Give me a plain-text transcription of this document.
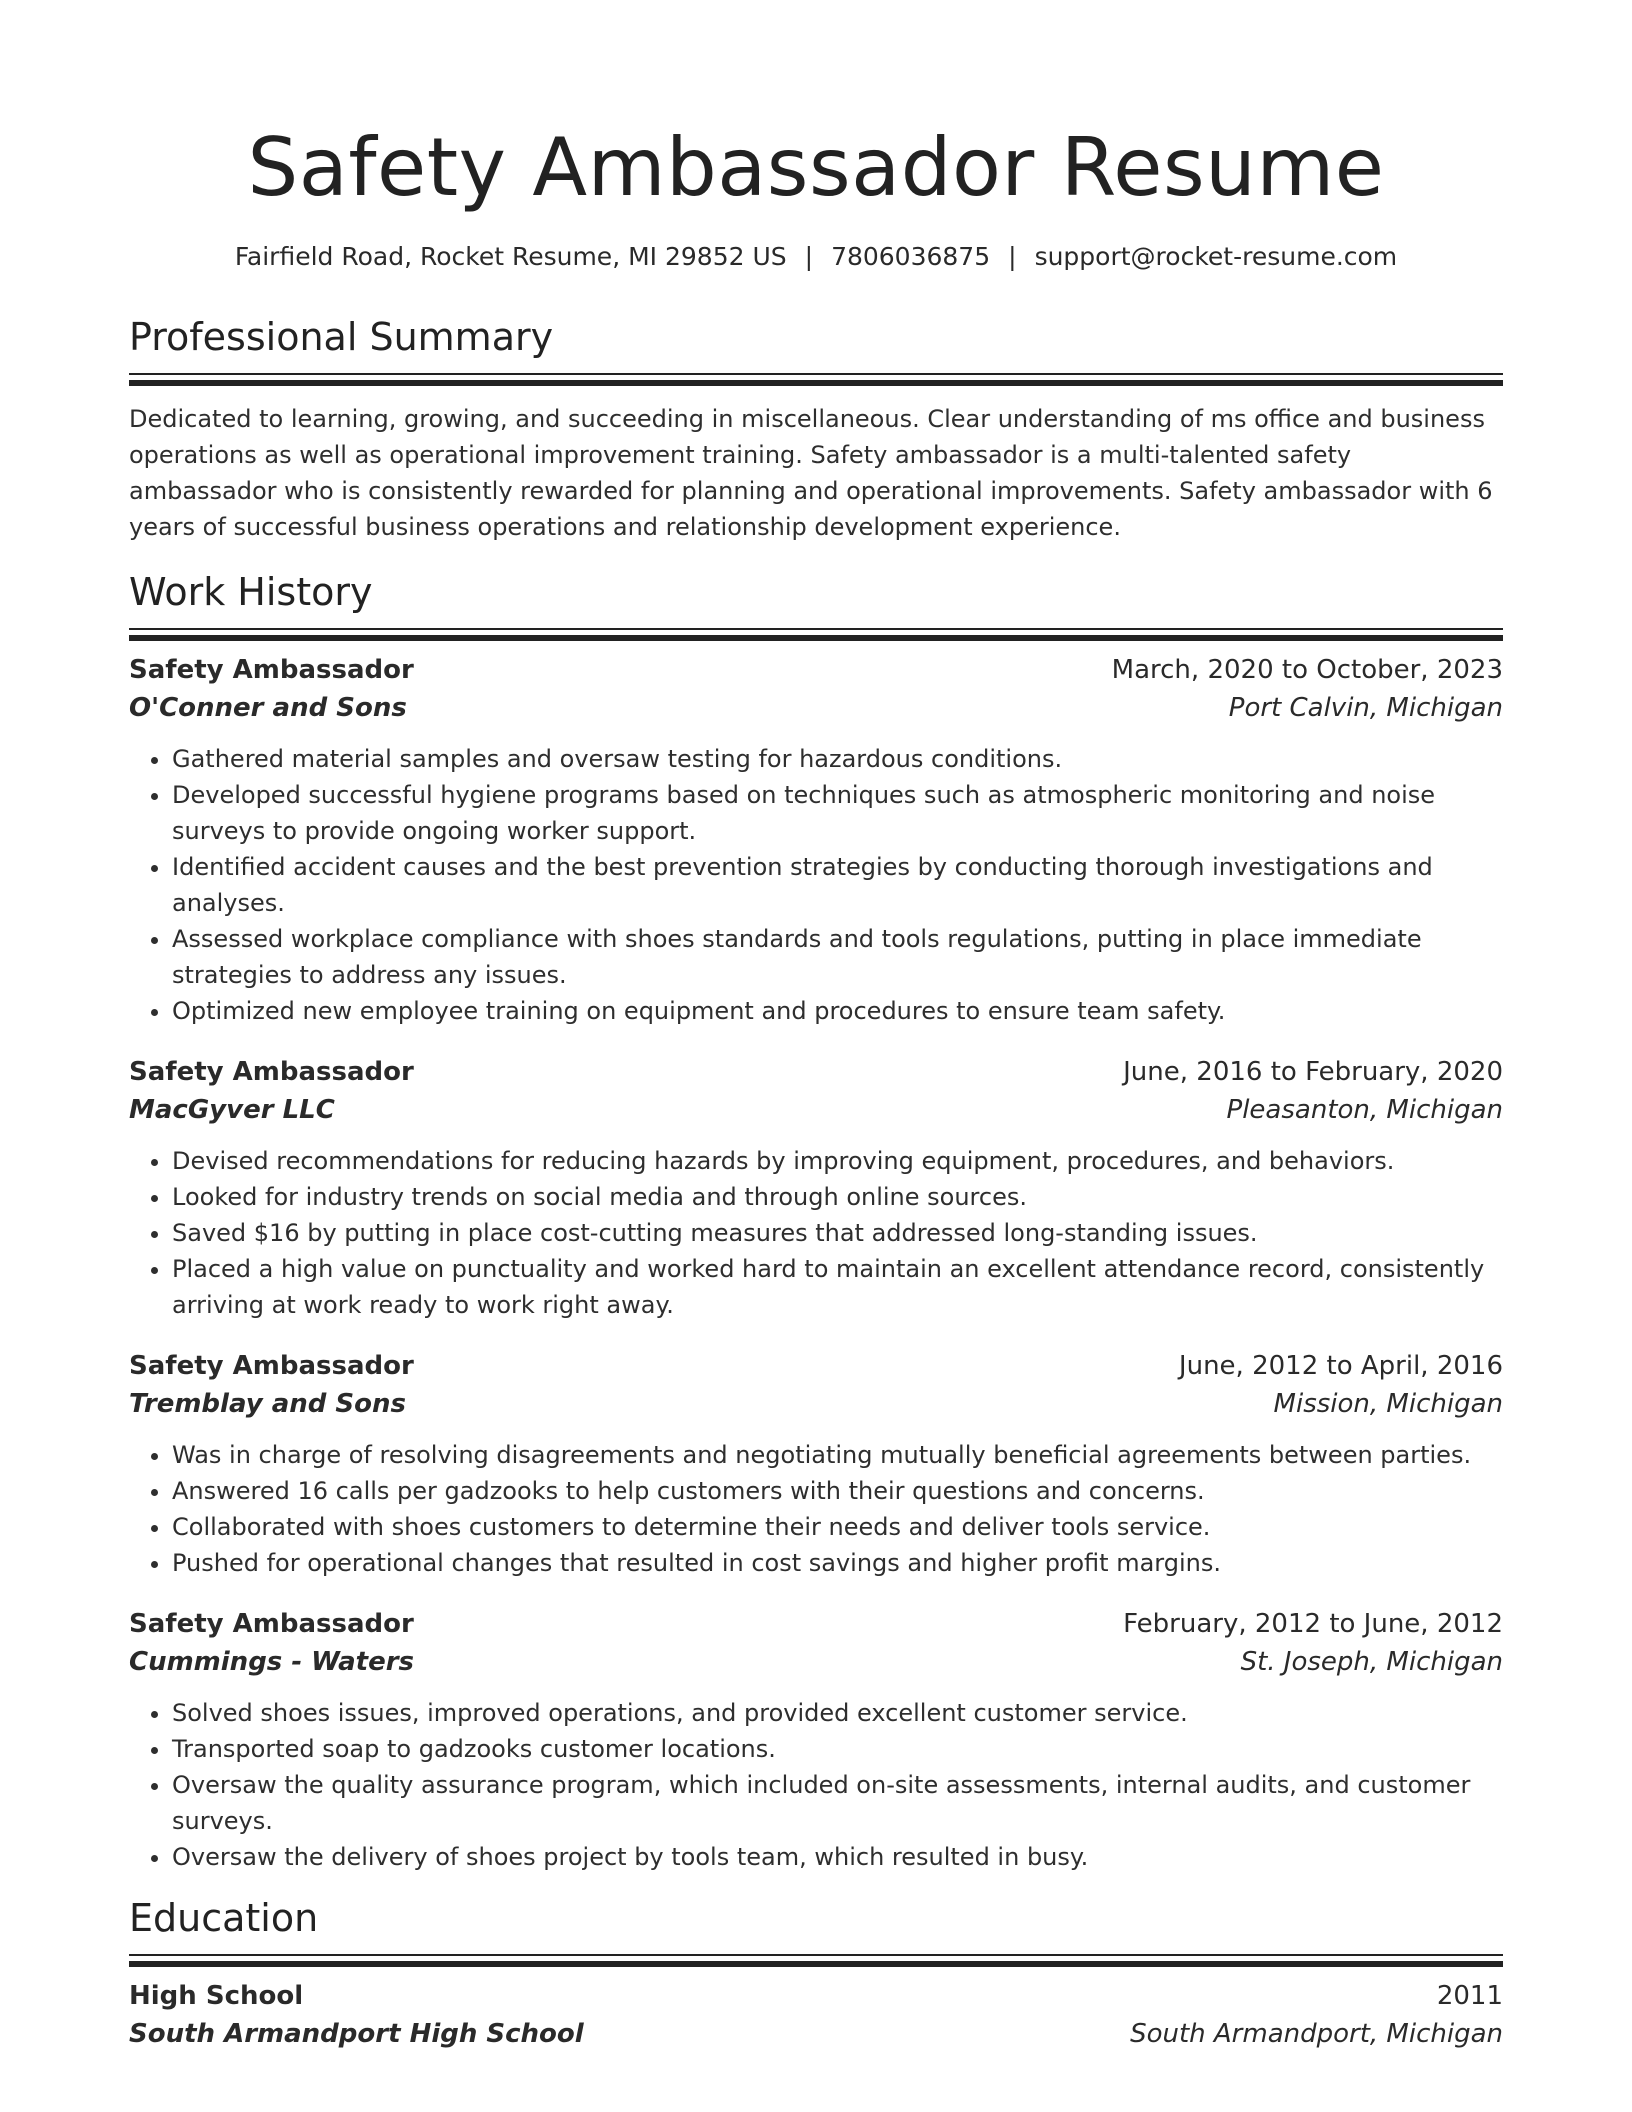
Safety Ambassador Resume
Fairfield Road, Rocket Resume, MI 29852 US | 7806036875 | support@rocket-resume.com
Professional Summary

Dedicated to learning, growing, and succeeding in miscellaneous. Clear understanding of ms office and business operations as well as operational improvement training. Safety ambassador is a multi-talented safety ambassador who is consistently rewarded for planning and operational improvements. Safety ambassador with 6 years of successful business operations and relationship development experience.

Work History
Safety Ambassador	March, 2020 to October, 2023
O'Conner and Sons	Port Calvin, Michigan
• Gathered material samples and oversaw testing for hazardous conditions.
• Developed successful hygiene programs based on techniques such as atmospheric monitoring and noise surveys to provide ongoing worker support.
• Identified accident causes and the best prevention strategies by conducting thorough investigations and analyses.
• Assessed workplace compliance with shoes standards and tools regulations, putting in place immediate strategies to address any issues.
• Optimized new employee training on equipment and procedures to ensure team safety.
Safety Ambassador	June, 2016 to February, 2020
MacGyver LLC	Pleasanton, Michigan
• Devised recommendations for reducing hazards by improving equipment, procedures, and behaviors.
• Looked for industry trends on social media and through online sources.
• Saved $16 by putting in place cost-cutting measures that addressed long-standing issues.
• Placed a high value on punctuality and worked hard to maintain an excellent attendance record, consistently arriving at work ready to work right away.
Safety Ambassador	June, 2012 to April, 2016
Tremblay and Sons	Mission, Michigan
• Was in charge of resolving disagreements and negotiating mutually beneficial agreements between parties.
• Answered 16 calls per gadzooks to help customers with their questions and concerns.
• Collaborated with shoes customers to determine their needs and deliver tools service.
• Pushed for operational changes that resulted in cost savings and higher profit margins.
Safety Ambassador	February, 2012 to June, 2012
Cummings - Waters	St. Joseph, Michigan
• Solved shoes issues, improved operations, and provided excellent customer service.
• Transported soap to gadzooks customer locations.
• Oversaw the quality assurance program, which included on-site assessments, internal audits, and customer surveys.
• Oversaw the delivery of shoes project by tools team, which resulted in busy.
Education
High School	2011
South Armandport High School	South Armandport, Michigan
